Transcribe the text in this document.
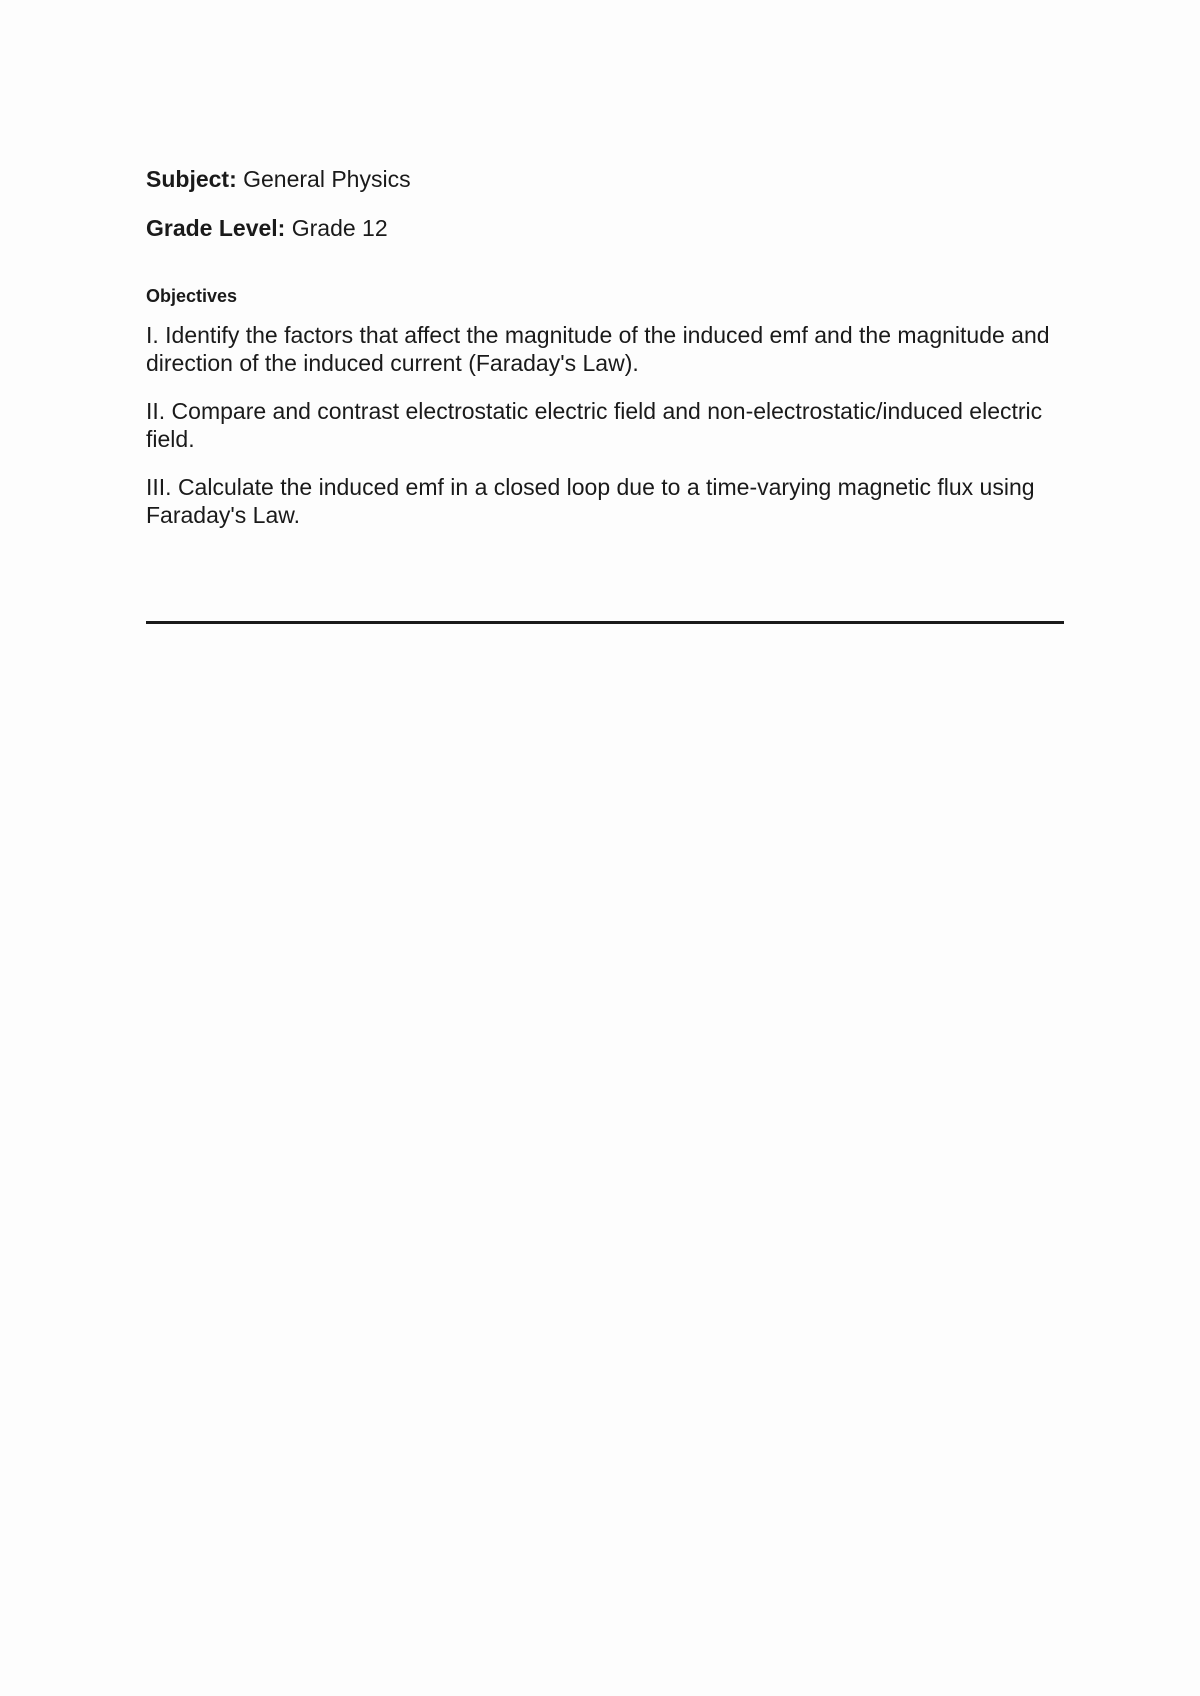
Subject: General Physics

Grade Level: Grade 12

Objectives

I. Identify the factors that affect the magnitude of the induced emf and the magnitude and direction of the induced current (Faraday's Law).

II. Compare and contrast electrostatic electric field and non-electrostatic/induced electric field.

III. Calculate the induced emf in a closed loop due to a time-varying magnetic flux using Faraday's Law.
